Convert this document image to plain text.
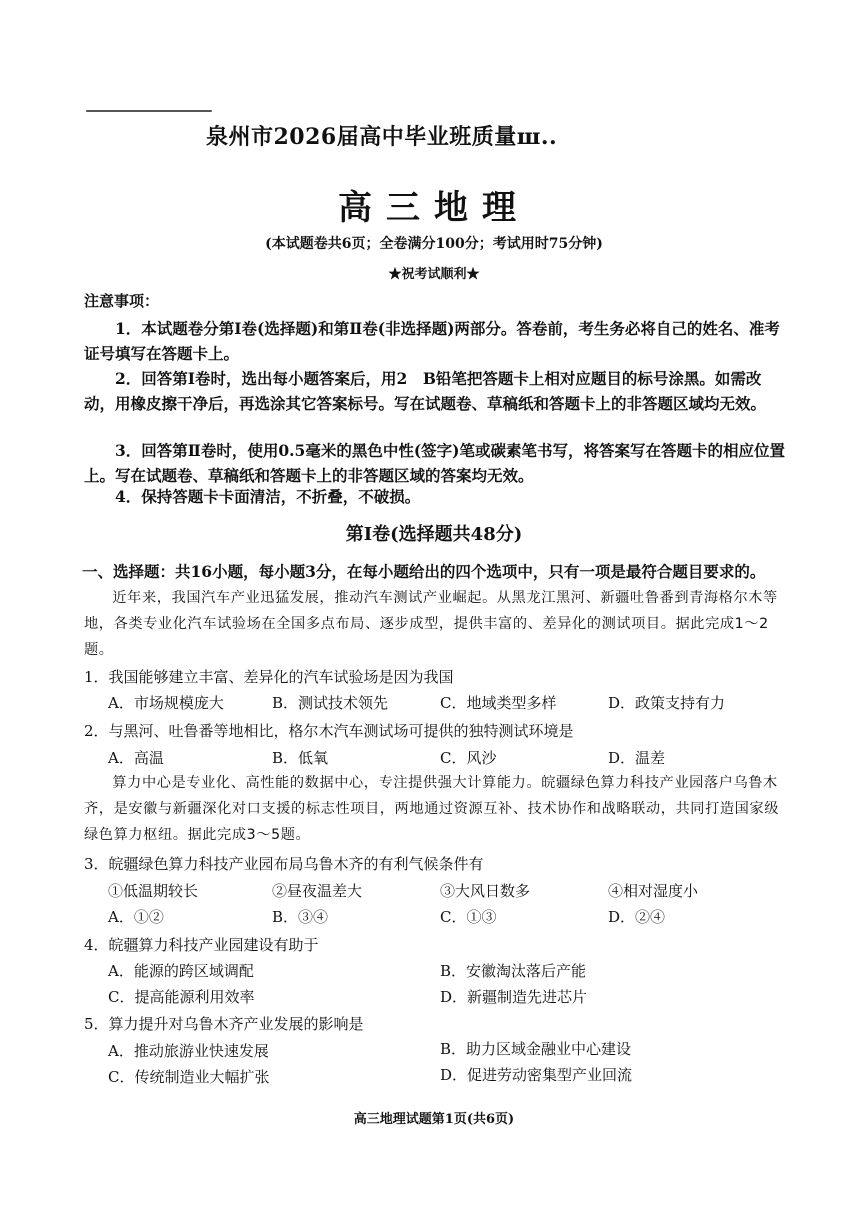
泉州市2026届高中毕业班质量ш..
高三地理
(本试题卷共6页；全卷满分100分；考试用时75分钟)
★祝考试顺利★
注意事项：
1．本试题卷分第Ⅰ卷(选择题)和第Ⅱ卷(非选择题)两部分。答卷前，考生务必将自己的姓名、准考证号填写在答题卡上。
2．回答第Ⅰ卷时，选出每小题答案后，用2　B铅笔把答题卡上相对应题目的标号涂黑。如需改动，用橡皮擦干净后，再选涂其它答案标号。写在试题卷、草稿纸和答题卡上的非答题区域均无效。
3．回答第Ⅱ卷时，使用0.5毫米的黑色中性(签字)笔或碳素笔书写，将答案写在答题卡的相应位置上。写在试题卷、草稿纸和答题卡上的非答题区域的答案均无效。
4．保持答题卡卡面清洁，不折叠，不破损。
第Ⅰ卷(选择题共48分)
一、选择题：共16小题，每小题3分，在每小题给出的四个选项中，只有一项是最符合题目要求的。
近年来，我国汽车产业迅猛发展，推动汽车测试产业崛起。从黑龙江黑河、新疆吐鲁番到青海格尔木等地，各类专业化汽车试验场在全国多点布局、逐步成型，提供丰富的、差异化的测试项目。据此完成1～2题。
1．我国能够建立丰富、差异化的汽车试验场是因为我国
A．市场规模庞大	B．测试技术领先	C．地域类型多样	D．政策支持有力
2．与黑河、吐鲁番等地相比，格尔木汽车测试场可提供的独特测试环境是
A．高温	B．低氧	C．风沙	D．温差
算力中心是专业化、高性能的数据中心，专注提供强大计算能力。皖疆绿色算力科技产业园落户乌鲁木齐，是安徽与新疆深化对口支援的标志性项目，两地通过资源互补、技术协作和战略联动，共同打造国家级绿色算力枢纽。据此完成3～5题。
3．皖疆绿色算力科技产业园布局乌鲁木齐的有利气候条件有
①低温期较长	②昼夜温差大	③大风日数多	④相对湿度小
A．①②	B．③④	C．①③	D．②④
4．皖疆算力科技产业园建设有助于
A．能源的跨区域调配	B．安徽淘汰落后产能
C．提高能源利用效率	D．新疆制造先进芯片
5．算力提升对乌鲁木齐产业发展的影响是
A．推动旅游业快速发展	B．助力区域金融业中心建设
C．传统制造业大幅扩张	D．促进劳动密集型产业回流
高三地理试题第1页(共6页)
